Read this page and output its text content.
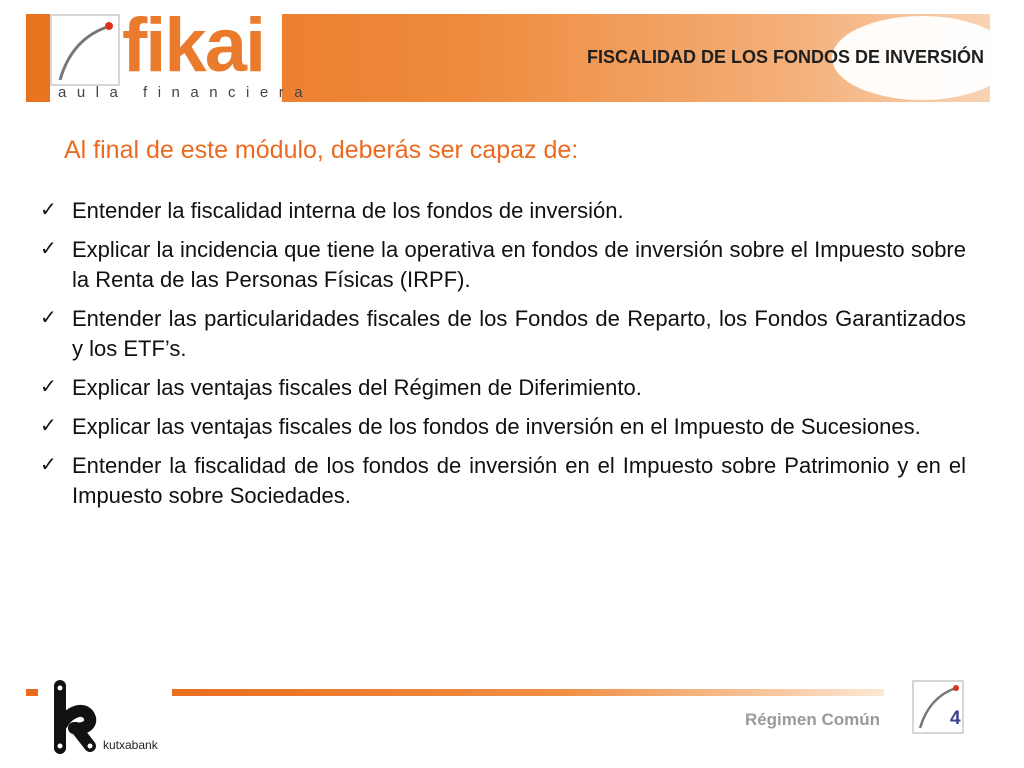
fikai
aula financiera
FISCALIDAD DE LOS FONDOS DE INVERSIÓN
Al final de este módulo, deberás ser capaz de:
✓ Entender la fiscalidad interna de los fondos de inversión.
✓ Explicar la incidencia que tiene la operativa en fondos de inversión sobre el Impuesto sobre la Renta de las Personas Físicas (IRPF).
✓ Entender las particularidades fiscales de los Fondos de Reparto, los Fondos Garantizados y los ETF’s.
✓ Explicar las ventajas fiscales del Régimen de Diferimiento.
✓ Explicar las ventajas fiscales de los fondos de inversión en el Impuesto de Sucesiones.
✓ Entender la fiscalidad de los fondos de inversión en el Impuesto sobre Patrimonio y en el Impuesto sobre Sociedades.
kutxabank
Régimen Común	4
